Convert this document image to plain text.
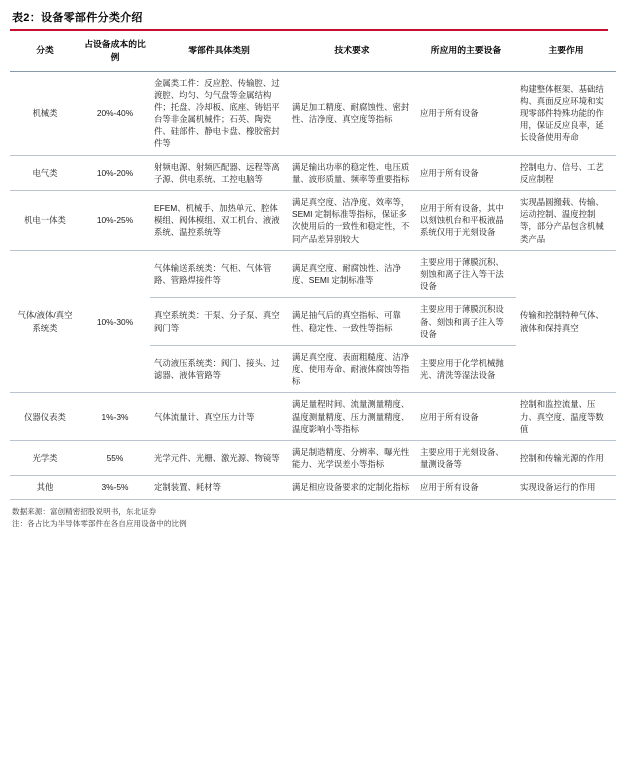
表2：设备零部件分类介绍
分类	占设备成本的比例	零部件具体类别	技术要求	所应用的主要设备	主要作用
机械类	20%-40%	金属类工件：反应腔、传输腔、过渡腔、均匀、匀气盘等金属结构件；托盘、冷却板、底座、铸铝平台等非金属机械件；石英、陶瓷件、硅部件、静电卡盘、橡胶密封件等	满足加工精度、耐腐蚀性、密封性、洁净度、真空度等指标	应用于所有设备	构建整体框架、基础结构、真面反应环境和实现零部件特殊功能的作用，保证反应良率，延长设备使用寿命
电气类	10%-20%	射频电源、射频匹配器、远程等离子源、供电系统、工控电脑等	满足输出功率的稳定性、电压质量、波形质量、频率等重要指标	应用于所有设备	控制电力、信号、工艺反应制程
机电一体类	10%-25%	EFEM、机械手、加热单元、腔体模组、阀体模组、双工机台、液液系统、温控系统等	满足真空度、洁净度、效率等，SEMI 定制标准等指标，保证多次使用后的一致性和稳定性，不同产品差异别较大	应用于所有设备，其中以刻蚀机台和平板液晶系统仅用于光刻设备	实现晶圆搬载、传输、运动控制、温度控制等，部分产品包含机械类产品
气体/液体/真空系统类	10%-30%	气体输送系统类：气柜、气体管路、管路焊接件等	满足真空度、耐腐蚀性、洁净度、SEMI 定制标准等	主要应用于薄膜沉积、刻蚀和离子注入等干法设备	传输和控制特种气体、液体和保持真空
		真空系统类：干泵、分子泵、真空阀门等	满足抽气后的真空指标、可靠性、稳定性、一致性等指标	主要应用于薄膜沉积设备、刻蚀和离子注入等设备	
		气动液压系统类：阀门、接头、过滤器、液体管路等	满足真空度、表面粗糙度、洁净度、使用寿命、耐液体腐蚀等指标	主要应用于化学机械抛光、清洗等湿法设备	
仪器仪表类	1%-3%	气体流量计、真空压力计等	满足量程时间、流量测量精度、温度测量精度、压力测量精度、温度影响小等指标	应用于所有设备	控制和监控流量、压力、真空度、温度等数值
光学类	55%	光学元件、光栅、激光源、物镜等	满足制造精度、分辨率、曝光性能力、光学误差小等指标	主要应用于光刻设备、量测设备等	控制和传输光源的作用
其他	3%-5%	定制装置、耗材等	满足相应设备要求的定制化指标	应用于所有设备	实现设备运行的作用
数据来源：富创精密招股说明书，东北证券
注：各占比为半导体零部件在各自应用设备中的比例
